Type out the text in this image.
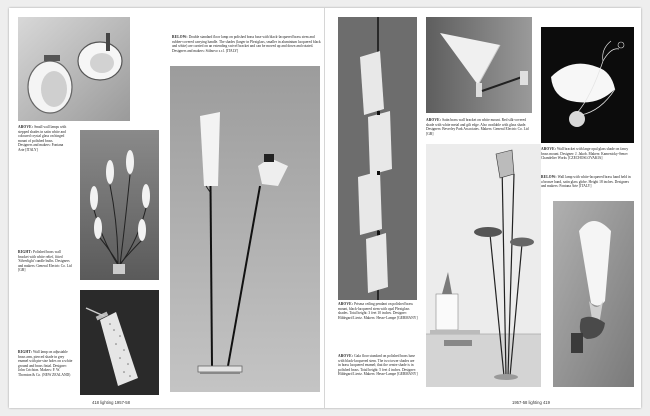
ABOVE: Small wall lamps with stepped shades in satin white and coloured crystal glass on hinged mount of polished brass. Designers and makers: Fontana Arte [ITALY]
RIGHT: Polished brass wall bracket with white relief, fitted 'Silverlight' candle bulbs. Designers and makers: General Electric Co. Ltd [GB]
RIGHT: Wall lamp on adjustable brass arm, pierced shade in grey enamel with pin-size holes on a white ground and brass finial. Designer: John Crichton. Makers: F. W. Thornton & Co. (NEW ZEALAND)
BELOW: Double standard floor lamp on polished brass base with black-lacquered brass stem and rubber-covered carrying handle. The shades (larger in Plexiglass, smaller in aluminium lacquered black and white) are carried on an extending swivel bracket and can be moved up and down and rotated. Designers and makers: Stilnovo s.r.l. [ITALY]
ABOVE: Prisma ceiling pendant on polished brass mount, black-lacquered stem with opal Plexiglass shades. Total height: 3 feet 10 inches. Designer: Hildegard Liertz. Makers: Hesse-Lampe [GERMANY]
ABOVE: Gala floor standard on polished brass base with black-lacquered stem. The two tower shades are in brass lacquered enamel; that the centre shade is in polished brass. Total height: 5 feet 4 inches. Designer: Hildegard Liertz. Makers: Hesse-Lampe [GERMANY]
ABOVE: Satin brass wall bracket on white mount. Red silk-covered shade with white metal and gilt edge. Also available with glass shade. Designers: Beverley Park Associates. Makers: General Electric Co. Ltd [GB]
ABOVE: Wall bracket with large opal glass shade on fancy brass mount. Designer: J. Jakob. Makers: Kamenicky-Senov Chandelier Works [CZECHOSLOVAKIA]
BELOW: Wall lamp with white-lacquered brass hand held in a bronze hand, satin glass globe. Height 18 inches. Designers and makers: Fontana Arte [ITALY]
418 lighting 1957-58	1957-58 lighting 419
